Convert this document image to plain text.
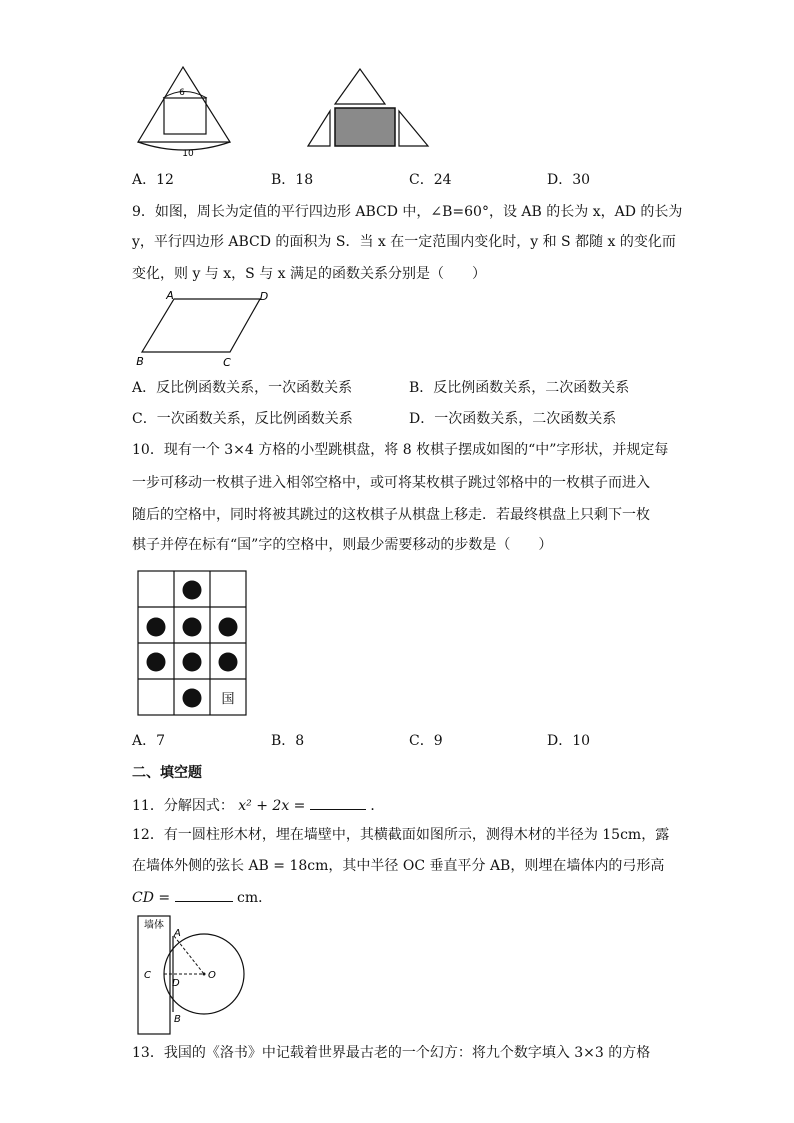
6
10
A．12	B．18	C．24	D．30
9．如图，周长为定值的平行四边形 ABCD 中，∠B=60°，设 AB 的长为 x，AD 的长为
y，平行四边形 ABCD 的面积为 S．当 x 在一定范围内变化时，y 和 S 都随 x 的变化而
变化，则 y 与 x，S 与 x 满足的函数关系分别是（　　）
A	D
B	C
A．反比例函数关系，一次函数关系	B．反比例函数关系，二次函数关系
C．一次函数关系，反比例函数关系	D．一次函数关系，二次函数关系
10．现有一个 3×4 方格的小型跳棋盘，将 8 枚棋子摆成如图的“中”字形状，并规定每
一步可移动一枚棋子进入相邻空格中，或可将某枚棋子跳过邻格中的一枚棋子而进入
随后的空格中，同时将被其跳过的这枚棋子从棋盘上移走．若最终棋盘上只剩下一枚
棋子并停在标有“国”字的空格中，则最少需要移动的步数是（　　）
国
A．7	B．8	C．9	D．10
二、填空题
11．分解因式： x² + 2x =	．
12．有一圆柱形木材，埋在墙壁中，其横截面如图所示，测得木材的半径为 15cm，露
在墙体外侧的弦长 AB = 18cm，其中半径 OC 垂直平分 AB，则埋在墙体内的弓形高
CD =	cm．
墙体
A
C
D
O
B
13．我国的《洛书》中记载着世界最古老的一个幻方：将九个数字填入 3×3 的方格
